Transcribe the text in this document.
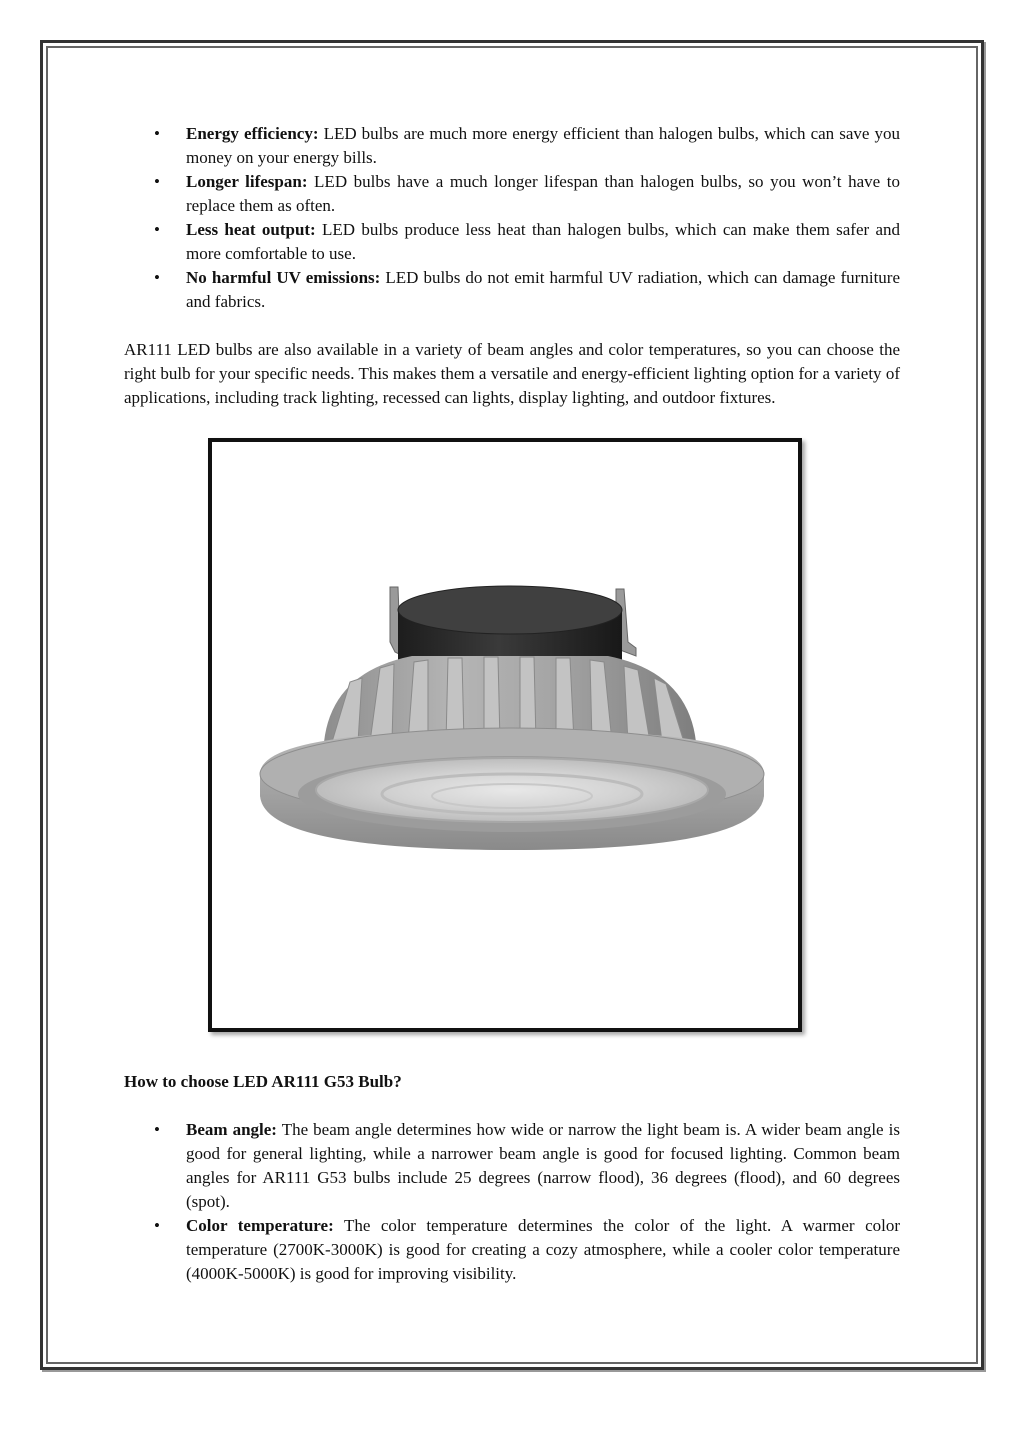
• Energy efficiency: LED bulbs are much more energy efficient than halogen bulbs, which can save you money on your energy bills.
• Longer lifespan: LED bulbs have a much longer lifespan than halogen bulbs, so you won’t have to replace them as often.
• Less heat output: LED bulbs produce less heat than halogen bulbs, which can make them safer and more comfortable to use.
• No harmful UV emissions: LED bulbs do not emit harmful UV radiation, which can damage furniture and fabrics.

AR111 LED bulbs are also available in a variety of beam angles and color temperatures, so you can choose the right bulb for your specific needs. This makes them a versatile and energy-efficient lighting option for a variety of applications, including track lighting, recessed can lights, display lighting, and outdoor fixtures.

How to choose LED AR111 G53 Bulb?
• Beam angle: The beam angle determines how wide or narrow the light beam is. A wider beam angle is good for general lighting, while a narrower beam angle is good for focused lighting. Common beam angles for AR111 G53 bulbs include 25 degrees (narrow flood), 36 degrees (flood), and 60 degrees (spot).
• Color temperature: The color temperature determines the color of the light. A warmer color temperature (2700K-3000K) is good for creating a cozy atmosphere, while a cooler color temperature (4000K-5000K) is good for improving visibility.
